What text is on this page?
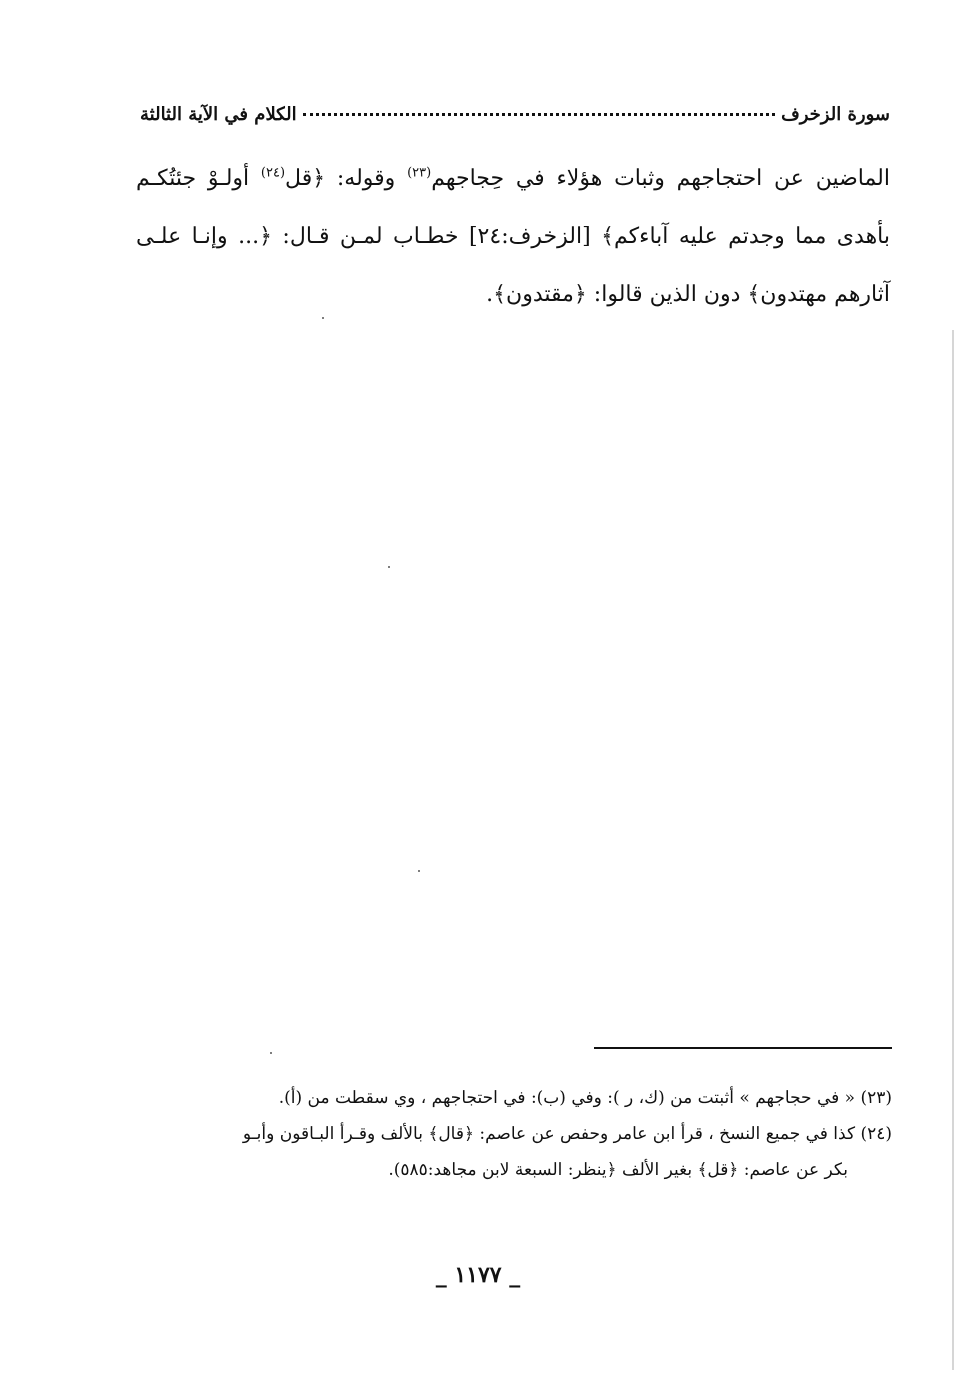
سورة الزخرف
الكلام في الآية الثالثة

الماضين عن احتجاجهم وثبات هؤلاء في حِجاجهم$^{(٢٣)}$ وقوله: ﴿قل$^{(٢٤)}$ أولـوْ جئتُكـم بأهدى مما وجدتم عليه آباءكم﴾ [الزخرف:٢٤] خطـاب لمـن قـال: ﴿... وإنـا علـى آثارهم مهتدون﴾ دون الذين قالوا: ﴿مقتدون﴾.

(٢٣) « في حجاجهم » أثبتت من (ك، ر ): وفي (ب): في احتجاجهم ، وي سقطت من (أ).

(٢٤) كذا في جميع النسخ ، قرأ ابن عامر وحفص عن عاصم: ﴿قال﴾ بالألف وقـرأ البـاقون وأبـو

بكر عن عاصم: ﴿قل﴾ بغير الألف ﴿ينظر: السبعة لابن مجاهد:٥٨٥).

_ ١١٧٧ _
